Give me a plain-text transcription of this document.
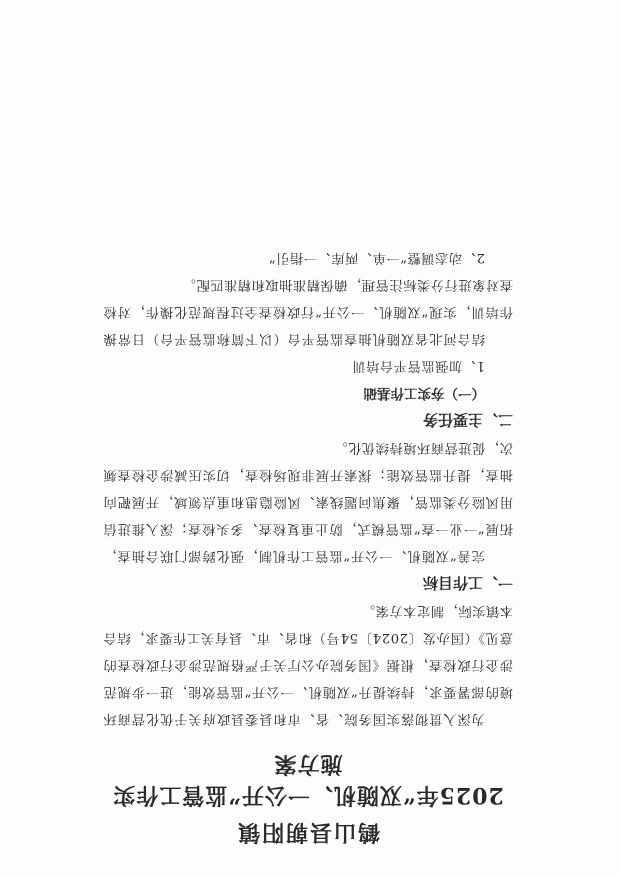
鹤山县朝阳镇

2025年“双随机、一公开”监管工作实施方案

为深入贯彻落实国务院、省、市和县委县政府关于优化营商环境的部署要求，持续提升“双随机、一公开”监管效能，进一步规范涉企行政检查，根据《国务院办公厅关于严格规范涉企行政检查的意见》（国办发〔2024〕54号）和省、市、县有关工作要求，结合本镇实际，制定本方案。

一、工作目标

完善“双随机、一公开”监管工作机制，强化跨部门联合抽查，拓展“一业一查”监管模式，防止重复检查、多头检查；深入推进信用风险分类监管，聚焦问题线索、风险隐患和重点领域，开展靶向抽查，提升监管效能；探索开展非现场检查，切实压减涉企检查频次，促进营商环境持续优化。

二、主要任务

（一）夯实工作基础

1、加强监管平台培训

结合河北省双随机抽查监管平台（以下简称监管平台）日常操作培训，实现“双随机、一公开”行政检查全过程规范化操作，对检查对象进行分类标注管理，确保精准抽取和精准匹配。

2、动态调整“一单、两库、一指引”
